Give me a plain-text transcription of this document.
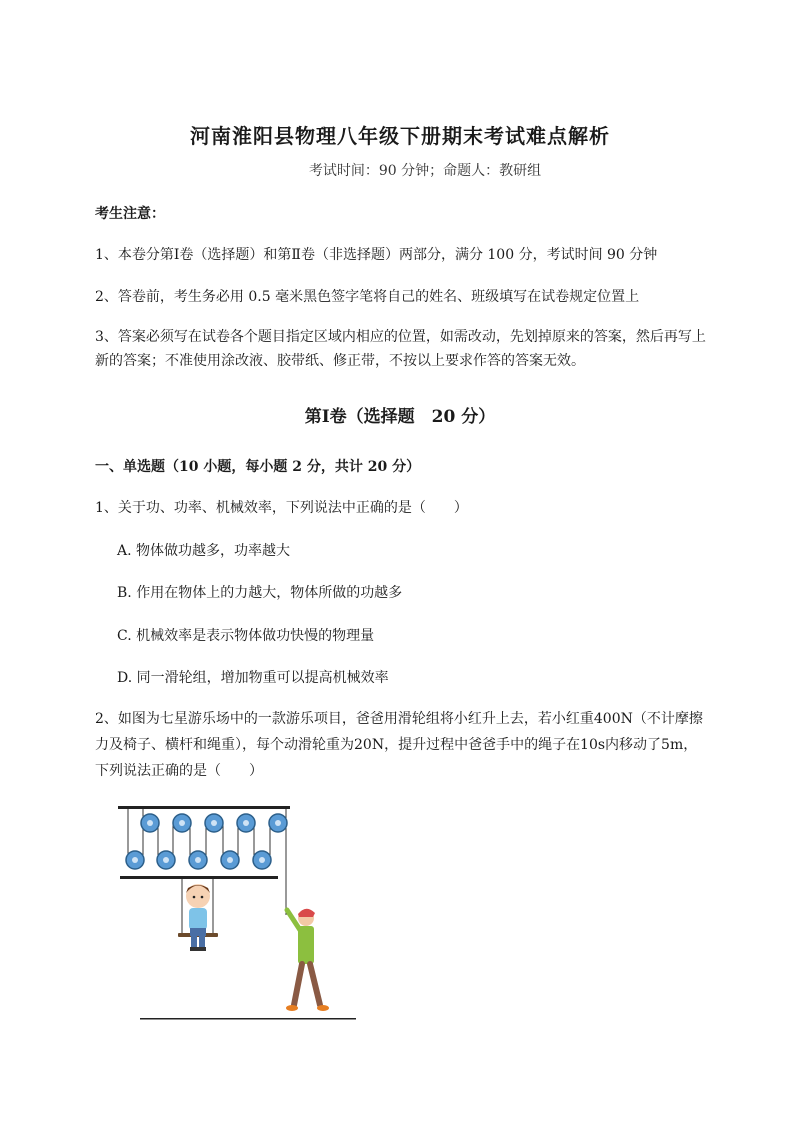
河南淮阳县物理八年级下册期末考试难点解析
考试时间：90 分钟；命题人：教研组
考生注意：
1、本卷分第Ⅰ卷（选择题）和第Ⅱ卷（非选择题）两部分，满分 100 分，考试时间 90 分钟
2、答卷前，考生务必用 0.5 毫米黑色签字笔将自己的姓名、班级填写在试卷规定位置上
3、答案必须写在试卷各个题目指定区域内相应的位置，如需改动，先划掉原来的答案，然后再写上新的答案；不准使用涂改液、胶带纸、修正带，不按以上要求作答的答案无效。
第Ⅰ卷（选择题　20 分）
一、单选题（10 小题，每小题 2 分，共计 20 分）
1、关于功、功率、机械效率，下列说法中正确的是（　　）
A. 物体做功越多，功率越大
B. 作用在物体上的力越大，物体所做的功越多
C. 机械效率是表示物体做功快慢的物理量
D. 同一滑轮组，增加物重可以提高机械效率
2、如图为七星游乐场中的一款游乐项目，爸爸用滑轮组将小红升上去，若小红重400N（不计摩擦力及椅子、横杆和绳重），每个动滑轮重为20N，提升过程中爸爸手中的绳子在10s内移动了5m，下列说法正确的是（　　）
